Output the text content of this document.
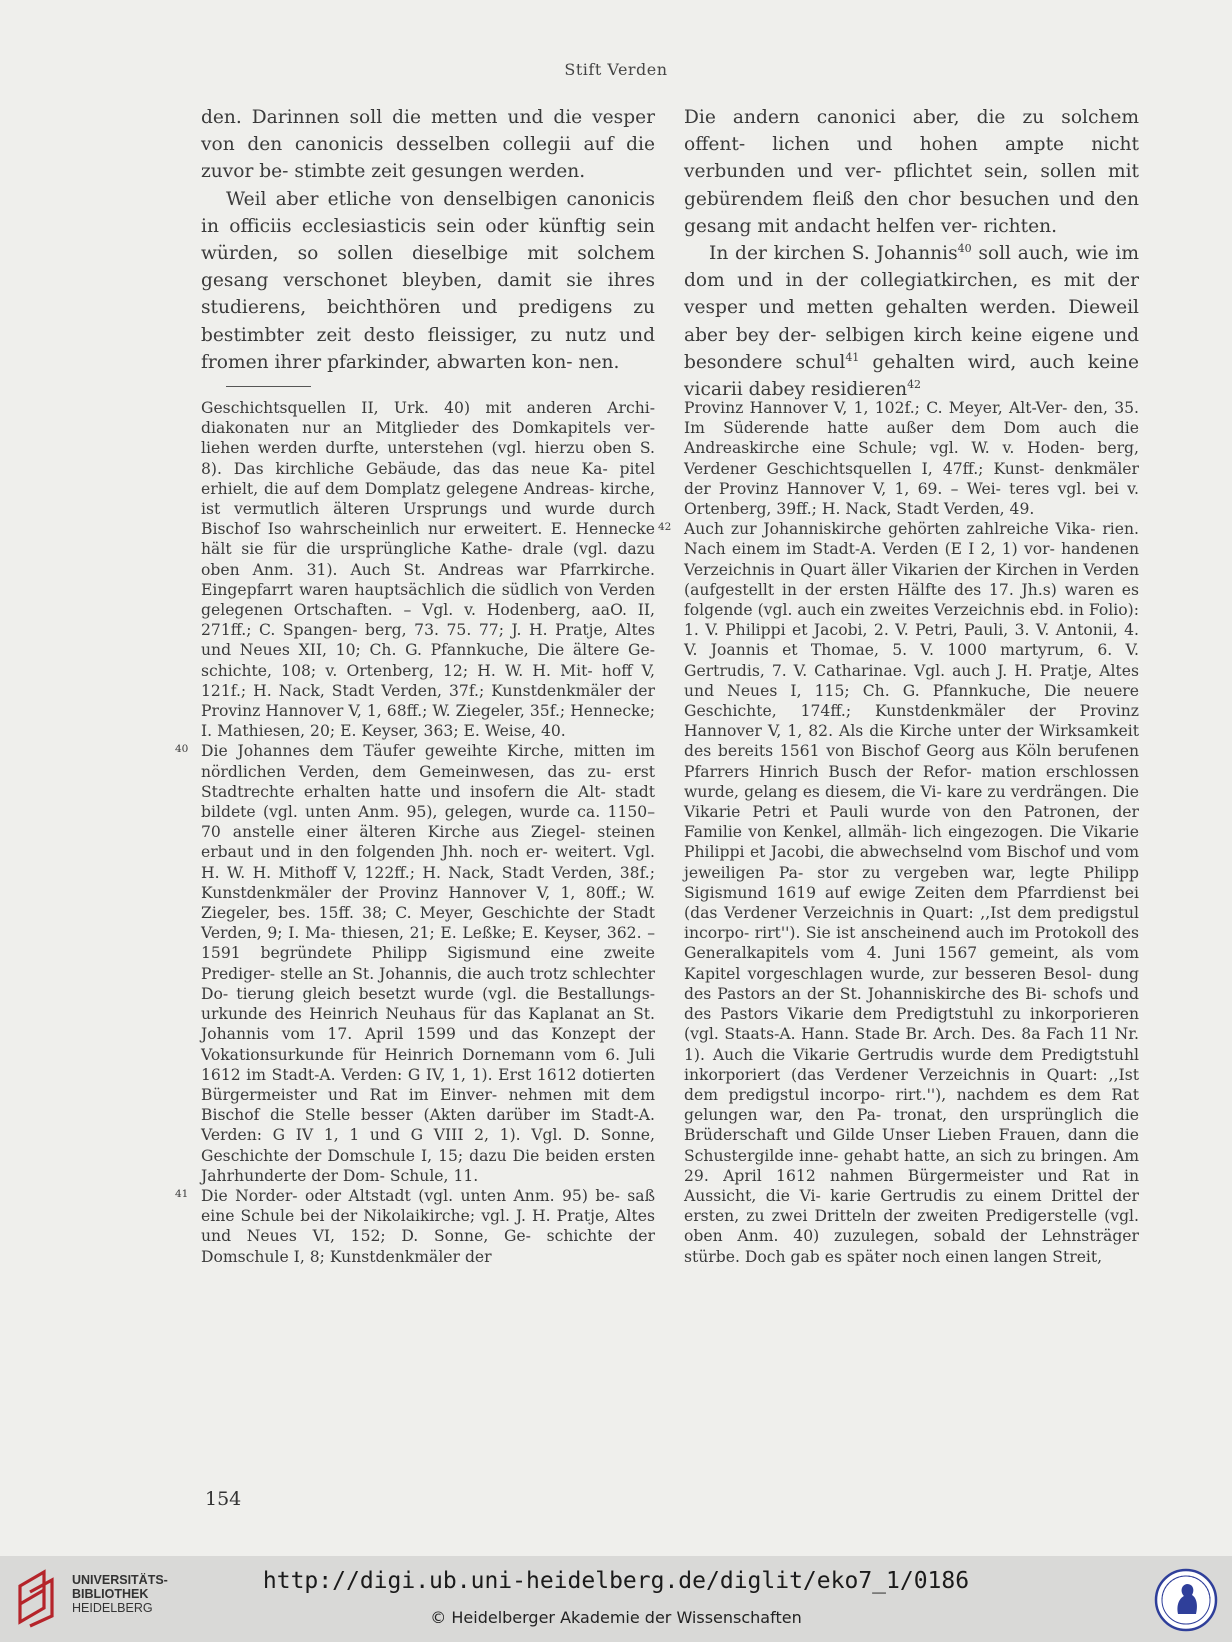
Stift Verden

den. Darinnen soll die metten und die vesper von den canonicis desselben collegii auf die zuvor be- stimbte zeit gesungen werden.

Weil aber etliche von denselbigen canonicis in officiis ecclesiasticis sein oder künftig sein würden, so sollen dieselbige mit solchem gesang verschonet bleyben, damit sie ihres studierens, beichthören und predigens zu bestimbter zeit desto fleissiger, zu nutz und fromen ihrer pfarkinder, abwarten kon- nen.

Die andern canonici aber, die zu solchem offent- lichen und hohen ampte nicht verbunden und ver- pflichtet sein, sollen mit gebürendem fleiß den chor besuchen und den gesang mit andacht helfen ver- richten.

In der kirchen S. Johannis$^{40}$ soll auch, wie im dom und in der collegiatkirchen, es mit der vesper und metten gehalten werden. Dieweil aber bey der- selbigen kirch keine eigene und besondere schul$^{41}$ gehalten wird, auch keine vicarii dabey residieren$^{42}$

Geschichtsquellen II, Urk. 40) mit anderen Archi- diakonaten nur an Mitglieder des Domkapitels ver- liehen werden durfte, unterstehen (vgl. hierzu oben S. 8). Das kirchliche Gebäude, das das neue Ka- pitel erhielt, die auf dem Domplatz gelegene Andreas- kirche, ist vermutlich älteren Ursprungs und wurde durch Bischof Iso wahrscheinlich nur erweitert. E. Hennecke hält sie für die ursprüngliche Kathe- drale (vgl. dazu oben Anm. 31). Auch St. Andreas war Pfarrkirche. Eingepfarrt waren hauptsächlich die südlich von Verden gelegenen Ortschaften. – Vgl. v. Hodenberg, aaO. II, 271ff.; C. Spangen- berg, 73. 75. 77; J. H. Pratje, Altes und Neues XII, 10; Ch. G. Pfannkuche, Die ältere Ge- schichte, 108; v. Ortenberg, 12; H. W. H. Mit- hoff V, 121f.; H. Nack, Stadt Verden, 37f.; Kunstdenkmäler der Provinz Hannover V, 1, 68ff.; W. Ziegeler, 35f.; Hennecke; I. Mathiesen, 20; E. Keyser, 363; E. Weise, 40.

40 Die Johannes dem Täufer geweihte Kirche, mitten im nördlichen Verden, dem Gemeinwesen, das zu- erst Stadtrechte erhalten hatte und insofern die Alt- stadt bildete (vgl. unten Anm. 95), gelegen, wurde ca. 1150–70 anstelle einer älteren Kirche aus Ziegel- steinen erbaut und in den folgenden Jhh. noch er- weitert. Vgl. H. W. H. Mithoff V, 122ff.; H. Nack, Stadt Verden, 38f.; Kunstdenkmäler der Provinz Hannover V, 1, 80ff.; W. Ziegeler, bes. 15ff. 38; C. Meyer, Geschichte der Stadt Verden, 9; I. Ma- thiesen, 21; E. Leßke; E. Keyser, 362. – 1591 begründete Philipp Sigismund eine zweite Prediger- stelle an St. Johannis, die auch trotz schlechter Do- tierung gleich besetzt wurde (vgl. die Bestallungs- urkunde des Heinrich Neuhaus für das Kaplanat an St. Johannis vom 17. April 1599 und das Konzept der Vokationsurkunde für Heinrich Dornemann vom 6. Juli 1612 im Stadt-A. Verden: G IV, 1, 1). Erst 1612 dotierten Bürgermeister und Rat im Einver- nehmen mit dem Bischof die Stelle besser (Akten darüber im Stadt-A. Verden: G IV 1, 1 und G VIII 2, 1). Vgl. D. Sonne, Geschichte der Domschule I, 15; dazu Die beiden ersten Jahrhunderte der Dom- Schule, 11.

41 Die Norder- oder Altstadt (vgl. unten Anm. 95) be- saß eine Schule bei der Nikolaikirche; vgl. J. H. Pratje, Altes und Neues VI, 152; D. Sonne, Ge- schichte der Domschule I, 8; Kunstdenkmäler der

Provinz Hannover V, 1, 102f.; C. Meyer, Alt-Ver- den, 35. Im Süderende hatte außer dem Dom auch die Andreaskirche eine Schule; vgl. W. v. Hoden- berg, Verdener Geschichtsquellen I, 47ff.; Kunst- denkmäler der Provinz Hannover V, 1, 69. – Wei- teres vgl. bei v. Ortenberg, 39ff.; H. Nack, Stadt Verden, 49.

42 Auch zur Johanniskirche gehörten zahlreiche Vika- rien. Nach einem im Stadt-A. Verden (E I 2, 1) vor- handenen Verzeichnis in Quart äller Vikarien der Kirchen in Verden (aufgestellt in der ersten Hälfte des 17. Jh.s) waren es folgende (vgl. auch ein zweites Verzeichnis ebd. in Folio): 1. V. Philippi et Jacobi, 2. V. Petri, Pauli, 3. V. Antonii, 4. V. Joannis et Thomae, 5. V. 1000 martyrum, 6. V. Gertrudis, 7. V. Catharinae. Vgl. auch J. H. Pratje, Altes und Neues I, 115; Ch. G. Pfannkuche, Die neuere Geschichte, 174ff.; Kunstdenkmäler der Provinz Hannover V, 1, 82. Als die Kirche unter der Wirksamkeit des bereits 1561 von Bischof Georg aus Köln berufenen Pfarrers Hinrich Busch der Refor- mation erschlossen wurde, gelang es diesem, die Vi- kare zu verdrängen. Die Vikarie Petri et Pauli wurde von den Patronen, der Familie von Kenkel, allmäh- lich eingezogen. Die Vikarie Philippi et Jacobi, die abwechselnd vom Bischof und vom jeweiligen Pa- stor zu vergeben war, legte Philipp Sigismund 1619 auf ewige Zeiten dem Pfarrdienst bei (das Verdener Verzeichnis in Quart: ,,Ist dem predigstul incorpo- rirt''). Sie ist anscheinend auch im Protokoll des Generalkapitels vom 4. Juni 1567 gemeint, als vom Kapitel vorgeschlagen wurde, zur besseren Besol- dung des Pastors an der St. Johanniskirche des Bi- schofs und des Pastors Vikarie dem Predigtstuhl zu inkorporieren (vgl. Staats-A. Hann. Stade Br. Arch. Des. 8a Fach 11 Nr. 1). Auch die Vikarie Gertrudis wurde dem Predigtstuhl inkorporiert (das Verdener Verzeichnis in Quart: ,,Ist dem predigstul incorpo- rirt.''), nachdem es dem Rat gelungen war, den Pa- tronat, den ursprünglich die Brüderschaft und Gilde Unser Lieben Frauen, dann die Schustergilde inne- gehabt hatte, an sich zu bringen. Am 29. April 1612 nahmen Bürgermeister und Rat in Aussicht, die Vi- karie Gertrudis zu einem Drittel der ersten, zu zwei Dritteln der zweiten Predigerstelle (vgl. oben Anm. 40) zuzulegen, sobald der Lehnsträger stürbe. Doch gab es später noch einen langen Streit,

154
UNIVERSITÄTS-
BIBLIOTHEK
HEIDELBERG
http://digi.ub.uni-heidelberg.de/diglit/eko7_1/0186
© Heidelberger Akademie der Wissenschaften
